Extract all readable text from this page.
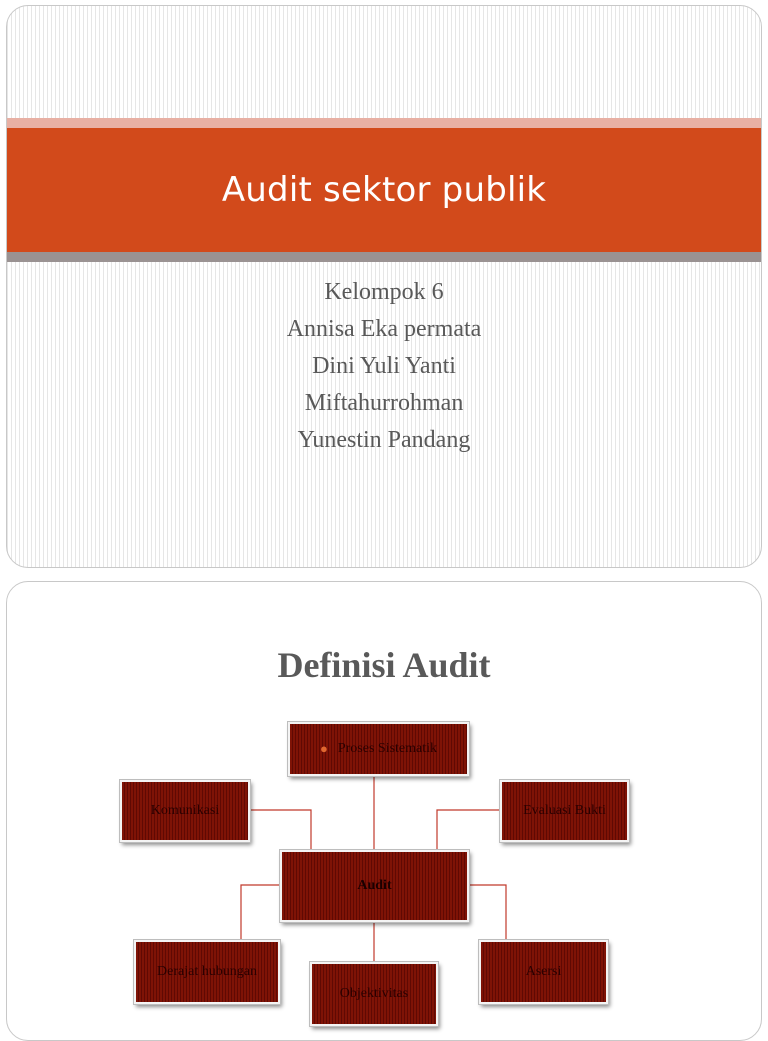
Audit sektor publik
Kelompok 6
Annisa Eka permata
Dini Yuli Yanti
Miftahurrohman
Yunestin Pandang
Definisi Audit
● Proses Sistematik
Komunikasi	Evaluasi Bukti
Audit
Derajat hubungan
Objektivitas
Asersi
